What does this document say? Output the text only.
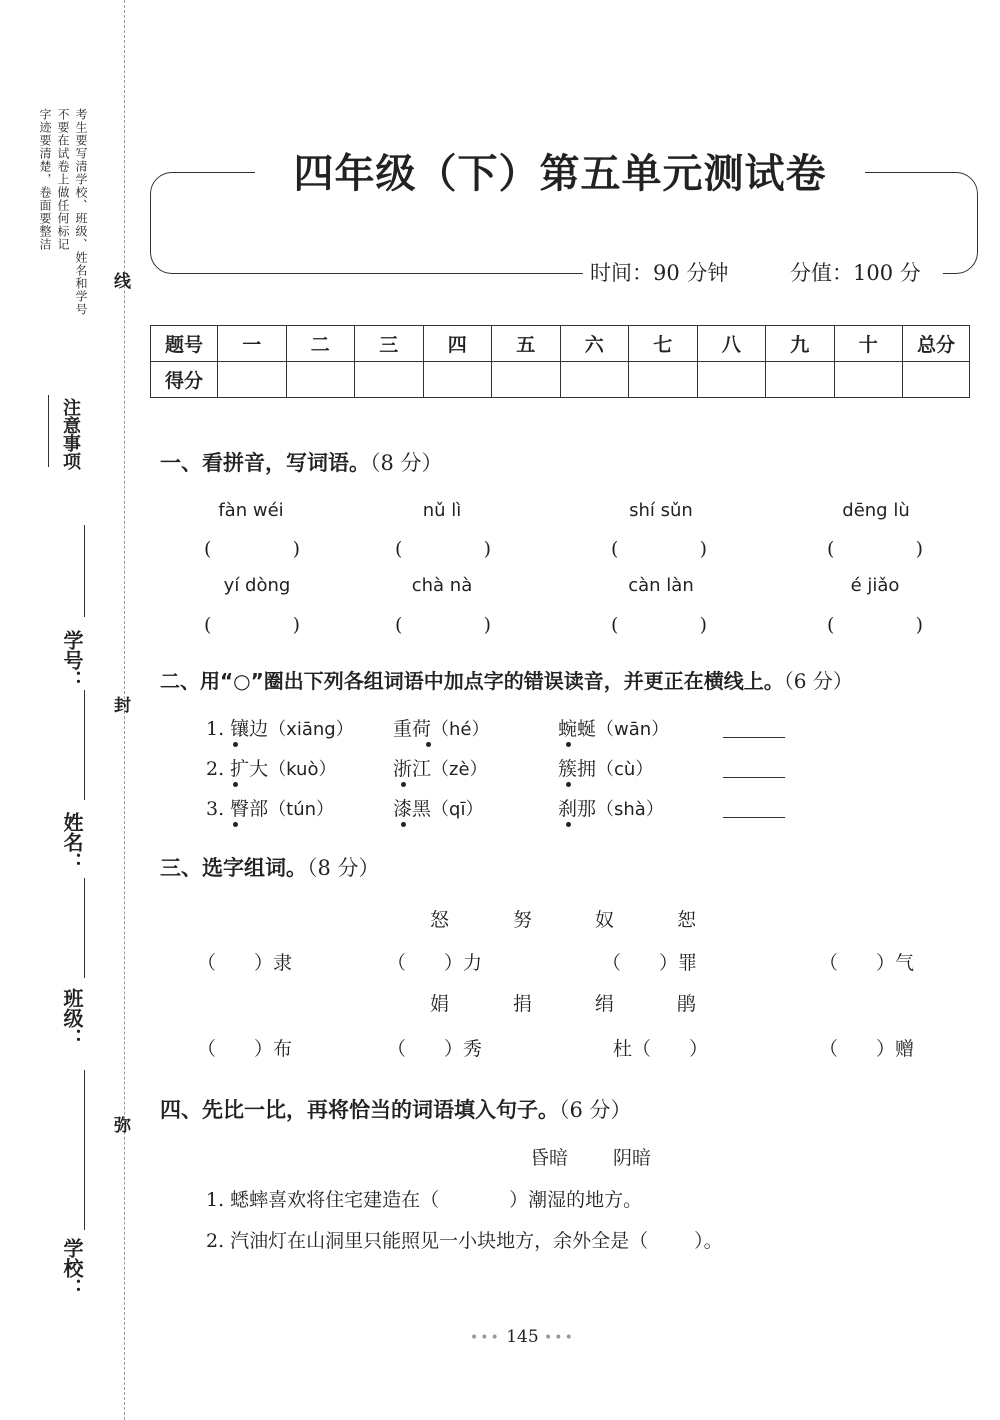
考生要写清学校、班级、姓名和学号
不要在试卷上做任何标记
字迹要清楚，卷面要整洁
注意事项
线
封
弥
学号：
姓名：
班级：
学校：
四年级（下）第五单元测试卷
时间：90 分钟	分值：100 分
题号	一	二	三	四	五	六	七	八	九	十	总分
得分											
一、看拼音，写词语。（8 分）
fàn wéi	nǔ lì	shí sǔn	dēng lù
(	)	(	)	(	)	(	)
yí dòng	chà nà	càn làn	é jiǎo
(	)	(	)	(	)	(	)
二、用“○”圈出下列各组词语中加点字的错误读音，并更正在横线上。（6 分）
1. 镶边（xiāng） 重荷（hé）	蜿蜒（wān）
2. 扩大（kuò）	浙江（zè）	簇拥（cù）
3. 臀部（tún）	漆黑（qī）	刹那（shà）
三、选字组词。（8 分）
怒	努	奴	恕
（　　）隶	（　　）力	（　　）罪	（　　）气
娟	捐	绢	鹃
（　　）布	（　　）秀	杜（　　）	（　　）赠
四、先比一比，再将恰当的词语填入句子。（6 分）
昏暗 阴暗
1. 蟋蟀喜欢将住宅建造在（	）潮湿的地方。
2. 汽油灯在山洞里只能照见一小块地方，余外全是（ ）。
••• 145 •••
